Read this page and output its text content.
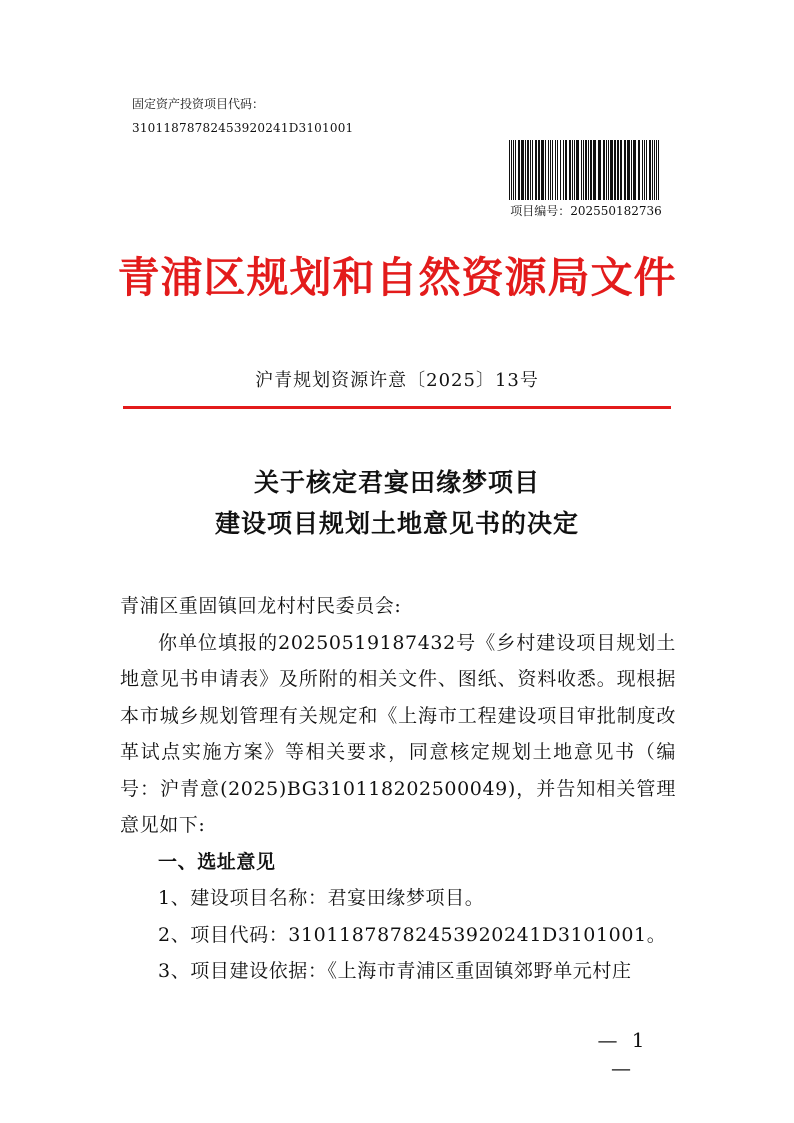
固定资产投资项目代码：
31011878782453920241D3101001
项目编号：202550182736
青浦区规划和自然资源局文件
沪青规划资源许意〔2025〕13号
关于核定君宴田缘梦项目
建设项目规划土地意见书的决定

青浦区重固镇回龙村村民委员会:

你单位填报的20250519187432号《乡村建设项目规划土地意见书申请表》及所附的相关文件、图纸、资料收悉。现根据本市城乡规划管理有关规定和《上海市工程建设项目审批制度改革试点实施方案》等相关要求，同意核定规划土地意见书（编号：沪青意(2025)BG310118202500049)，并告知相关管理意见如下:

一、选址意见

1、建设项目名称：君宴田缘梦项目。

2、项目代码：31011878782453920241D3101001。

3、项目建设依据：《上海市青浦区重固镇郊野单元村庄

— 1 —
